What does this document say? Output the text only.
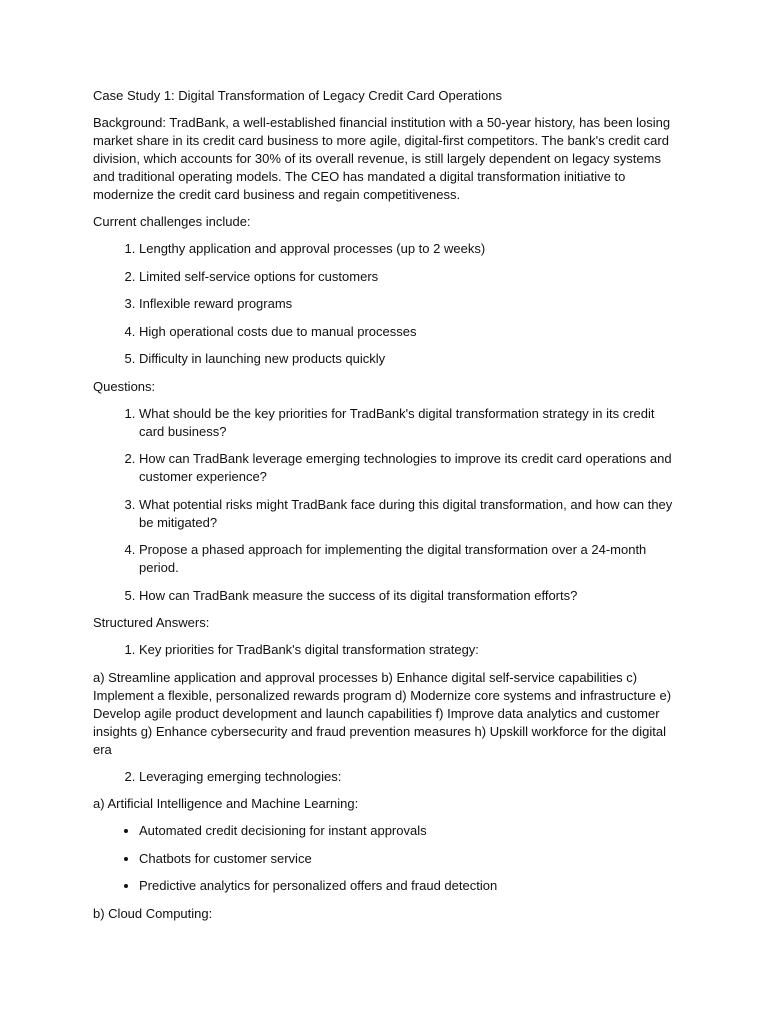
Case Study 1: Digital Transformation of Legacy Credit Card Operations

Background: TradBank, a well-established financial institution with a 50-year history, has been losing market share in its credit card business to more agile, digital-first competitors. The bank's credit card division, which accounts for 30% of its overall revenue, is still largely dependent on legacy systems and traditional operating models. The CEO has mandated a digital transformation initiative to modernize the credit card business and regain competitiveness.

Current challenges include:

1. Lengthy application and approval processes (up to 2 weeks)
2. Limited self-service options for customers
3. Inflexible reward programs
4. High operational costs due to manual processes
5. Difficulty in launching new products quickly

Questions:

1. What should be the key priorities for TradBank's digital transformation strategy in its credit card business?
2. How can TradBank leverage emerging technologies to improve its credit card operations and customer experience?
3. What potential risks might TradBank face during this digital transformation, and how can they be mitigated?
4. Propose a phased approach for implementing the digital transformation over a 24-month period.
5. How can TradBank measure the success of its digital transformation efforts?

Structured Answers:

1. Key priorities for TradBank's digital transformation strategy:

a) Streamline application and approval processes b) Enhance digital self-service capabilities c) Implement a flexible, personalized rewards program d) Modernize core systems and infrastructure e) Develop agile product development and launch capabilities f) Improve data analytics and customer insights g) Enhance cybersecurity and fraud prevention measures h) Upskill workforce for the digital era

2. Leveraging emerging technologies:

a) Artificial Intelligence and Machine Learning:

• Automated credit decisioning for instant approvals
• Chatbots for customer service
• Predictive analytics for personalized offers and fraud detection

b) Cloud Computing:
